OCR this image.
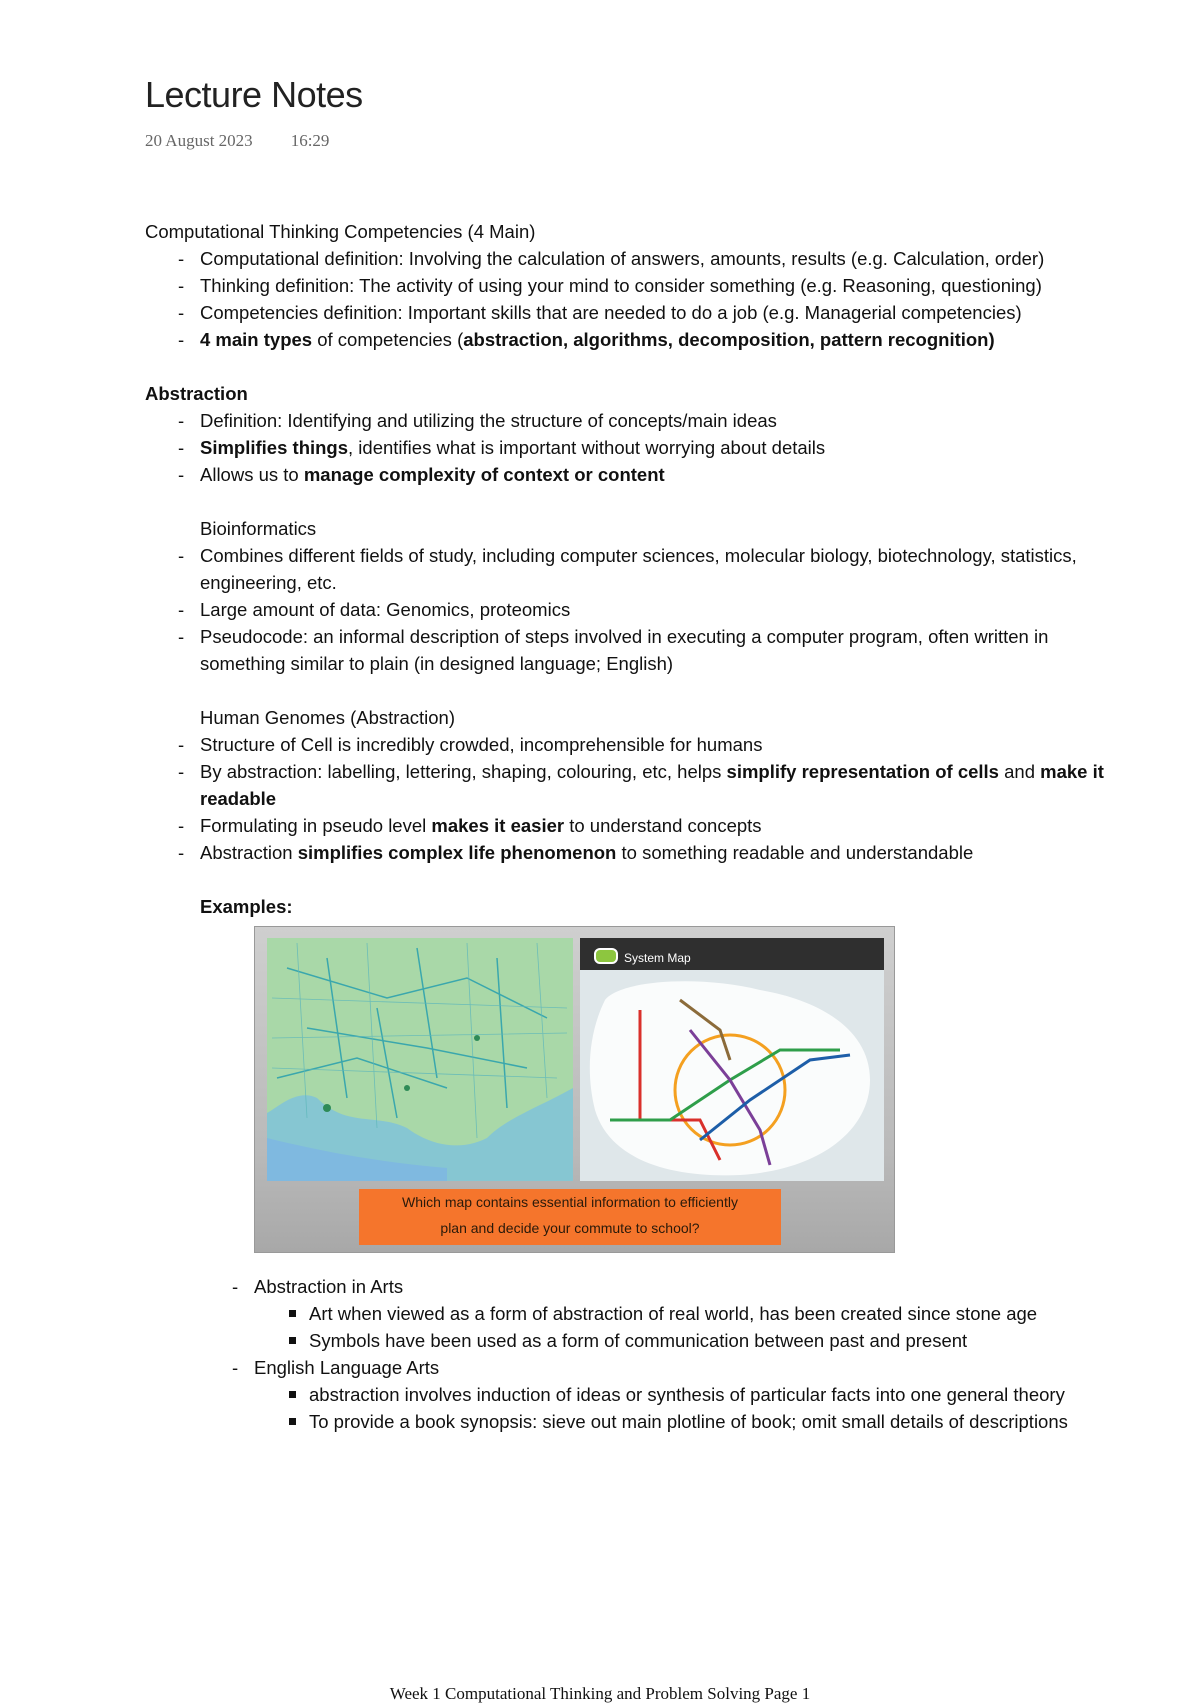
Lecture Notes
20 August 2023 16:29

Computational Thinking Competencies (4 Main)

- Computational definition: Involving the calculation of answers, amounts, results (e.g. Calculation, order)
- Thinking definition: The activity of using your mind to consider something (e.g. Reasoning, questioning)
- Competencies definition: Important skills that are needed to do a job (e.g. Managerial competencies)
- 4 main types of competencies (abstraction, algorithms, decomposition, pattern recognition)

Abstraction

- Definition: Identifying and utilizing the structure of concepts/main ideas
- Simplifies things, identifies what is important without worrying about details
- Allows us to manage complexity of context or content

Bioinformatics

- Combines different fields of study, including computer sciences, molecular biology, biotechnology, statistics, engineering, etc.
- Large amount of data: Genomics, proteomics
- Pseudocode: an informal description of steps involved in executing a computer program, often written in something similar to plain (in designed language; English)

Human Genomes (Abstraction)

- Structure of Cell is incredibly crowded, incomprehensible for humans
- By abstraction: labelling, lettering, shaping, colouring, etc, helps simplify representation of cells and make it readable
- Formulating in pseudo level makes it easier to understand concepts
- Abstraction simplifies complex life phenomenon to something readable and understandable

Examples:

System Map
Which map contains essential information to efficiently
plan and decide your commute to school?
- Abstraction in Arts
Art when viewed as a form of abstraction of real world, has been created since stone age
Symbols have been used as a form of communication between past and present
- English Language Arts
abstraction involves induction of ideas or synthesis of particular facts into one general theory
To provide a book synopsis: sieve out main plotline of book; omit small details of descriptions
Week 1 Computational Thinking and Problem Solving Page 1
